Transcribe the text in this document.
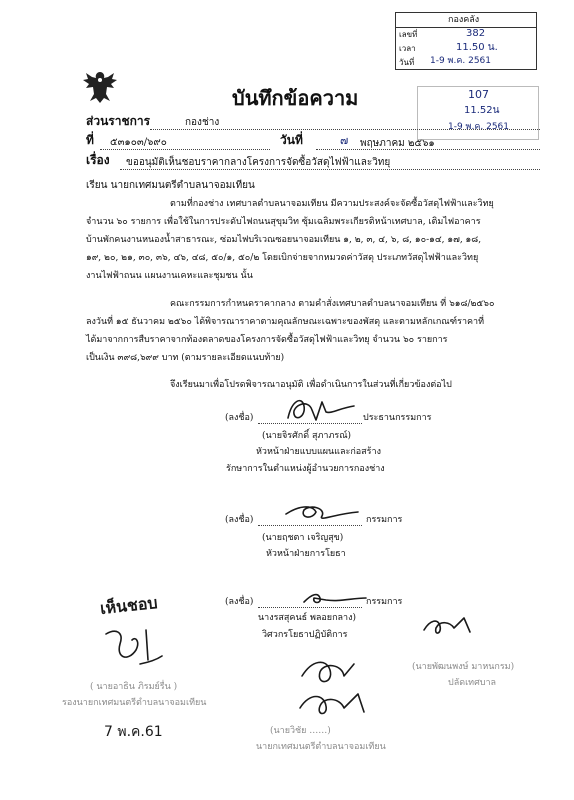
กองคลัง
เลขที่	382
เวลา	11.50 น.
วันที่ 1-9 พ.ค. 2561
107
11.52น
1-9 พ.ค. 2561
บันทึกข้อความ
ส่วนราชการ	กองช่าง
ที่ ๕๓๑๐๓/๖๙๐	วันที่	๗ พฤษภาคม ๒๕๖๑
เรื่อง ขออนุมัติเห็นชอบราคากลางโครงการจัดซื้อวัสดุไฟฟ้าและวิทยุ
เรียน นายกเทศมนตรีตำบลนาจอมเทียน
ตามที่กองช่าง เทศบาลตำบลนาจอมเทียน มีความประสงค์จะจัดซื้อวัสดุไฟฟ้าและวิทยุ
จำนวน ๖๐ รายการ เพื่อใช้ในการประดับไฟถนนสุขุมวิท ซุ้มเฉลิมพระเกียรติหน้าเทศบาล, เติมไฟอาคาร
บ้านพักคนงานหนองน้ำสาธารณะ, ซ่อมไฟบริเวณซอยนาจอมเทียน ๑, ๒, ๓, ๔, ๖, ๘, ๑๐-๑๔, ๑๗, ๑๘,
๑๙, ๒๐, ๒๑, ๓๐, ๓๖, ๔๖, ๔๘, ๕๐/๑, ๕๐/๒ โดยเบิกจ่ายจากหมวดค่าวัสดุ ประเภทวัสดุไฟฟ้าและวิทยุ
งานไฟฟ้าถนน แผนงานเคหะและชุมชน นั้น
คณะกรรมการกำหนดราคากลาง ตามคำสั่งเทศบาลตำบลนาจอมเทียน ที่ ๖๑๘/๒๕๖๐
ลงวันที่ ๑๕ ธันวาคม ๒๕๖๐ ได้พิจารณาราคาตามคุณลักษณะเฉพาะของพัสดุ และตามหลักเกณฑ์ราคาที่
ได้มาจากการสืบราคาจากท้องตลาดของโครงการจัดซื้อวัสดุไฟฟ้าและวิทยุ จำนวน ๖๐ รายการ
เป็นเงิน ๓๙๘,๖๙๙ บาท (ตามรายละเอียดแนบท้าย)
จึงเรียนมาเพื่อโปรดพิจารณาอนุมัติ เพื่อดำเนินการในส่วนที่เกี่ยวข้องต่อไป
(ลงชื่อ)	ประธานกรรมการ
(นายจิรศักดิ์ สุภาภรณ์)
หัวหน้าฝ่ายแบบแผนและก่อสร้าง
รักษาการในตำแหน่งผู้อำนวยการกองช่าง
(ลงชื่อ)	กรรมการ
(นายฤชตา เจริญสุข)
หัวหน้าฝ่ายการโยธา
(ลงชื่อ)	กรรมการ
นางรสสุคนธ์ พลอยกลาง)
วิศวกรโยธาปฏิบัติการ
เห็นชอบ
( นายอาธิน ภิรมย์รื่น )
รองนายกเทศมนตรีตำบลนาจอมเทียน
7 พ.ค.61
(นายพัฒนพงษ์ มาหนกรม)
ปลัดเทศบาล
(นายวิชัย ……)
นายกเทศมนตรีตำบลนาจอมเทียน
